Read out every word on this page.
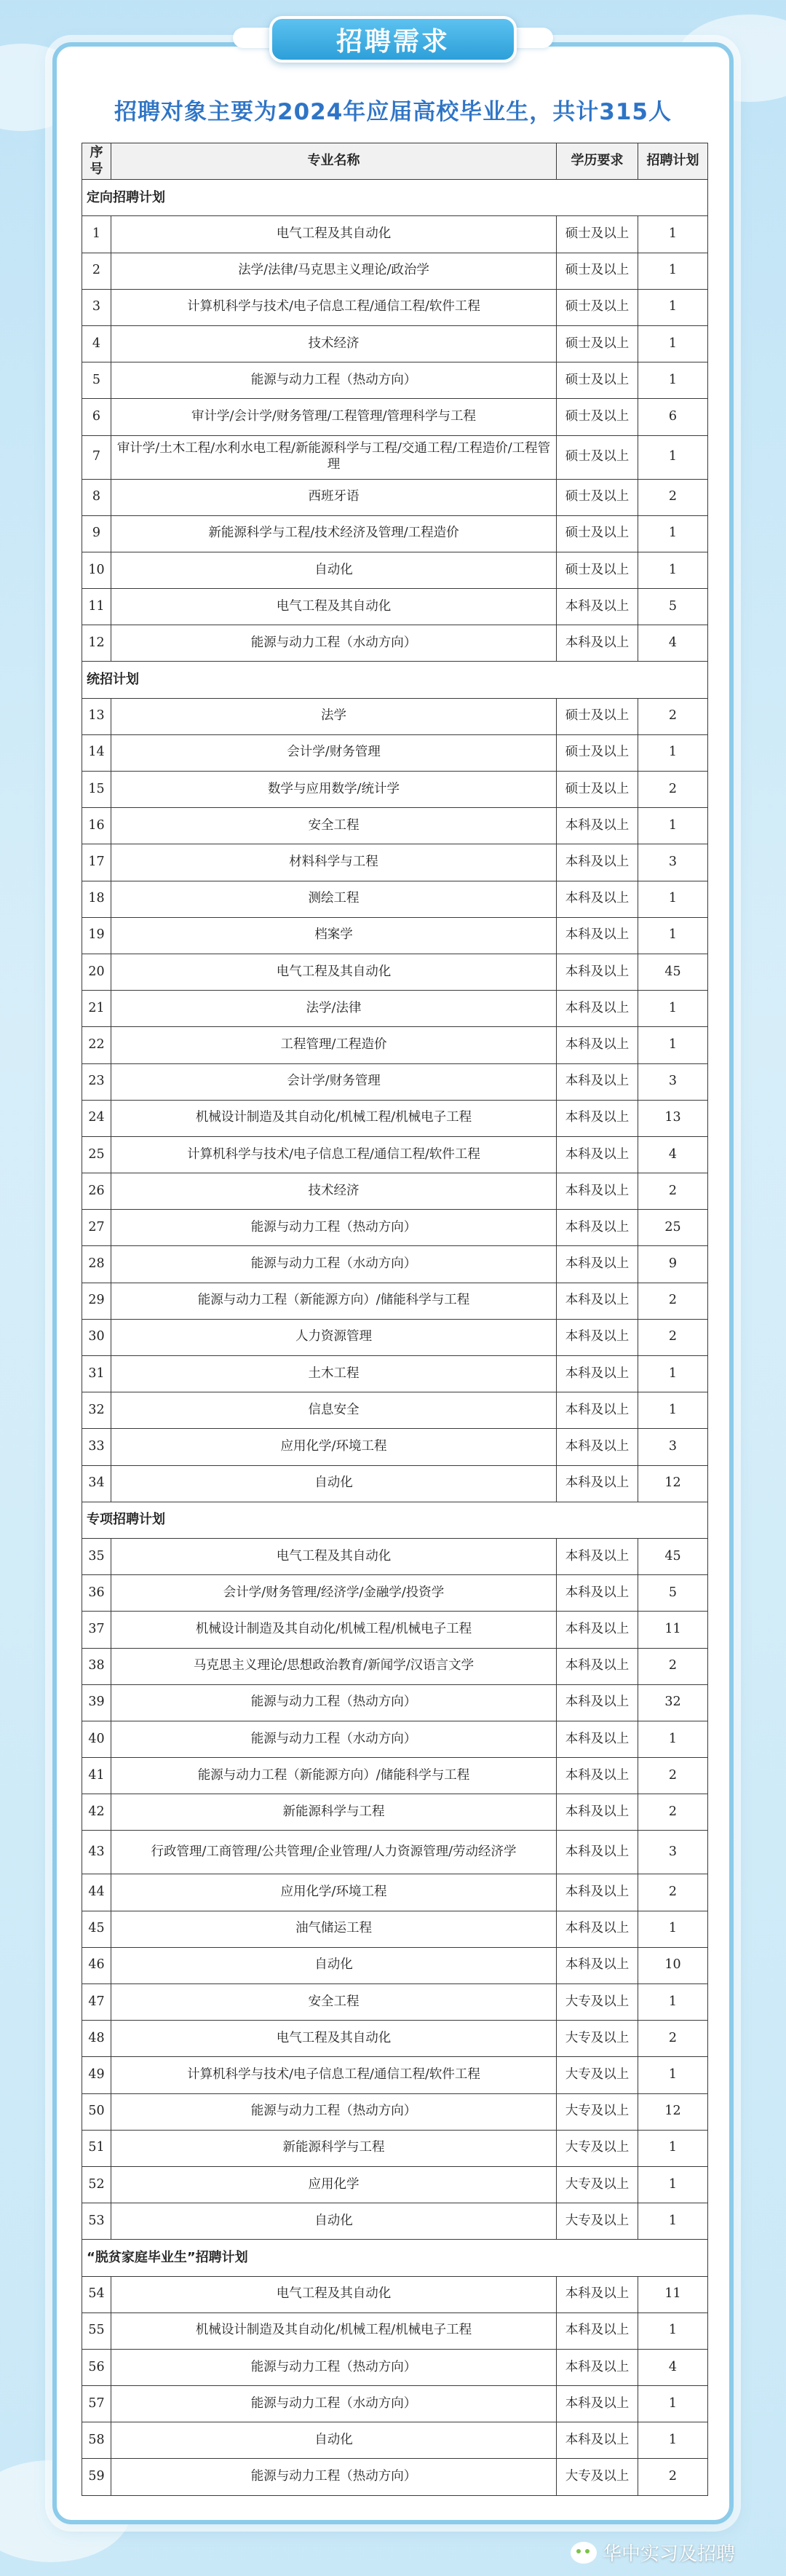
招聘需求
招聘对象主要为2024年应届高校毕业生，共计315人
序号	专业名称	学历要求	招聘计划
定向招聘计划			
1	电气工程及其自动化	硕士及以上	1
2	法学/法律/马克思主义理论/政治学	硕士及以上	1
3	计算机科学与技术/电子信息工程/通信工程/软件工程	硕士及以上	1
4	技术经济	硕士及以上	1
5	能源与动力工程（热动方向）	硕士及以上	1
6	审计学/会计学/财务管理/工程管理/管理科学与工程	硕士及以上	6
7	审计学/土木工程/水利水电工程/新能源科学与工程/交通工程/工程造价/工程管理	硕士及以上	1
8	西班牙语	硕士及以上	2
9	新能源科学与工程/技术经济及管理/工程造价	硕士及以上	1
10	自动化	硕士及以上	1
11	电气工程及其自动化	本科及以上	5
12	能源与动力工程（水动方向）	本科及以上	4
统招计划			
13	法学	硕士及以上	2
14	会计学/财务管理	硕士及以上	1
15	数学与应用数学/统计学	硕士及以上	2
16	安全工程	本科及以上	1
17	材料科学与工程	本科及以上	3
18	测绘工程	本科及以上	1
19	档案学	本科及以上	1
20	电气工程及其自动化	本科及以上	45
21	法学/法律	本科及以上	1
22	工程管理/工程造价	本科及以上	1
23	会计学/财务管理	本科及以上	3
24	机械设计制造及其自动化/机械工程/机械电子工程	本科及以上	13
25	计算机科学与技术/电子信息工程/通信工程/软件工程	本科及以上	4
26	技术经济	本科及以上	2
27	能源与动力工程（热动方向）	本科及以上	25
28	能源与动力工程（水动方向）	本科及以上	9
29	能源与动力工程（新能源方向）/储能科学与工程	本科及以上	2
30	人力资源管理	本科及以上	2
31	土木工程	本科及以上	1
32	信息安全	本科及以上	1
33	应用化学/环境工程	本科及以上	3
34	自动化	本科及以上	12
专项招聘计划			
35	电气工程及其自动化	本科及以上	45
36	会计学/财务管理/经济学/金融学/投资学	本科及以上	5
37	机械设计制造及其自动化/机械工程/机械电子工程	本科及以上	11
38	马克思主义理论/思想政治教育/新闻学/汉语言文学	本科及以上	2
39	能源与动力工程（热动方向）	本科及以上	32
40	能源与动力工程（水动方向）	本科及以上	1
41	能源与动力工程（新能源方向）/储能科学与工程	本科及以上	2
42	新能源科学与工程	本科及以上	2
43	行政管理/工商管理/公共管理/企业管理/人力资源管理/劳动经济学	本科及以上	3
44	应用化学/环境工程	本科及以上	2
45	油气储运工程	本科及以上	1
46	自动化	本科及以上	10
47	安全工程	大专及以上	1
48	电气工程及其自动化	大专及以上	2
49	计算机科学与技术/电子信息工程/通信工程/软件工程	大专及以上	1
50	能源与动力工程（热动方向）	大专及以上	12
51	新能源科学与工程	大专及以上	1
52	应用化学	大专及以上	1
53	自动化	大专及以上	1
“脱贫家庭毕业生”招聘计划			
54	电气工程及其自动化	本科及以上	11
55	机械设计制造及其自动化/机械工程/机械电子工程	本科及以上	1
56	能源与动力工程（热动方向）	本科及以上	4
57	能源与动力工程（水动方向）	本科及以上	1
58	自动化	本科及以上	1
59	能源与动力工程（热动方向）	大专及以上	2
华中实习及招聘
